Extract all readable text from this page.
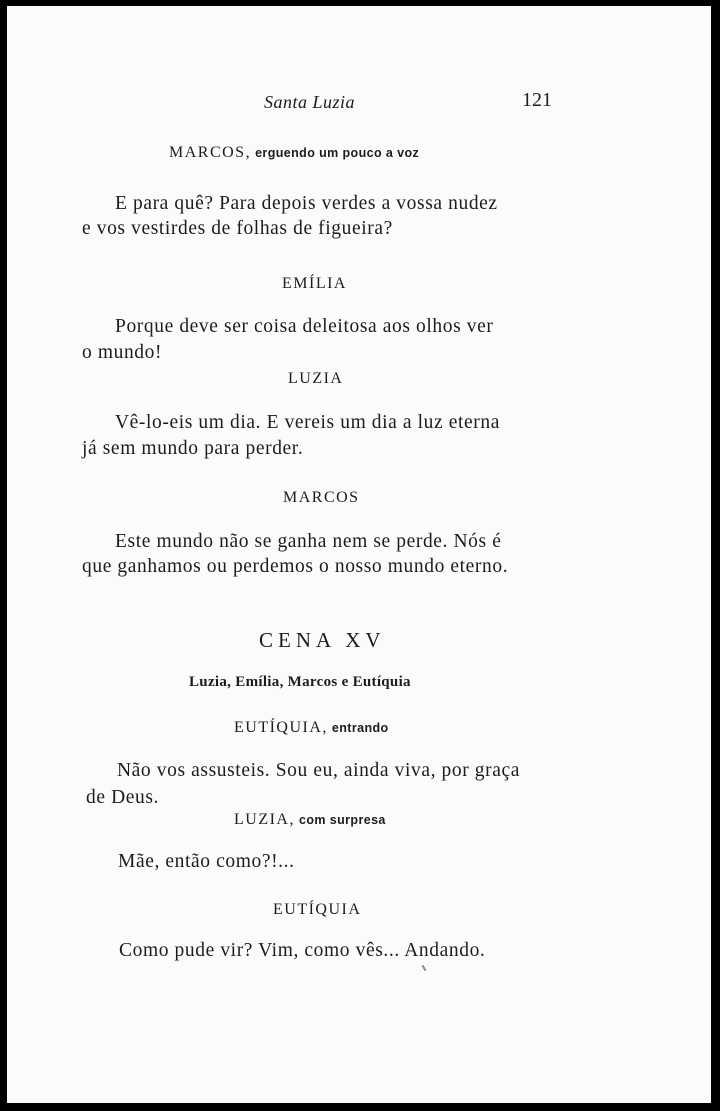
Santa Luzia	121
MARCOS, erguendo um pouco a voz
E para quê? Para depois verdes a vossa nudez
e vos vestirdes de folhas de figueira?
EMÍLIA
Porque deve ser coisa deleitosa aos olhos ver
o mundo!
LUZIA
Vê-lo-eis um dia. E vereis um dia a luz eterna
já sem mundo para perder.
MARCOS
Este mundo não se ganha nem se perde. Nós é
que ganhamos ou perdemos o nosso mundo eterno.
CENA XV
Luzia, Emília, Marcos e Eutíquia
EUTÍQUIA, entrando
Não vos assusteis. Sou eu, ainda viva, por graça
de Deus.
LUZIA, com surpresa
Mãe, então como?!...
EUTÍQUIA
Como pude vir? Vim, como vês... Andando.
